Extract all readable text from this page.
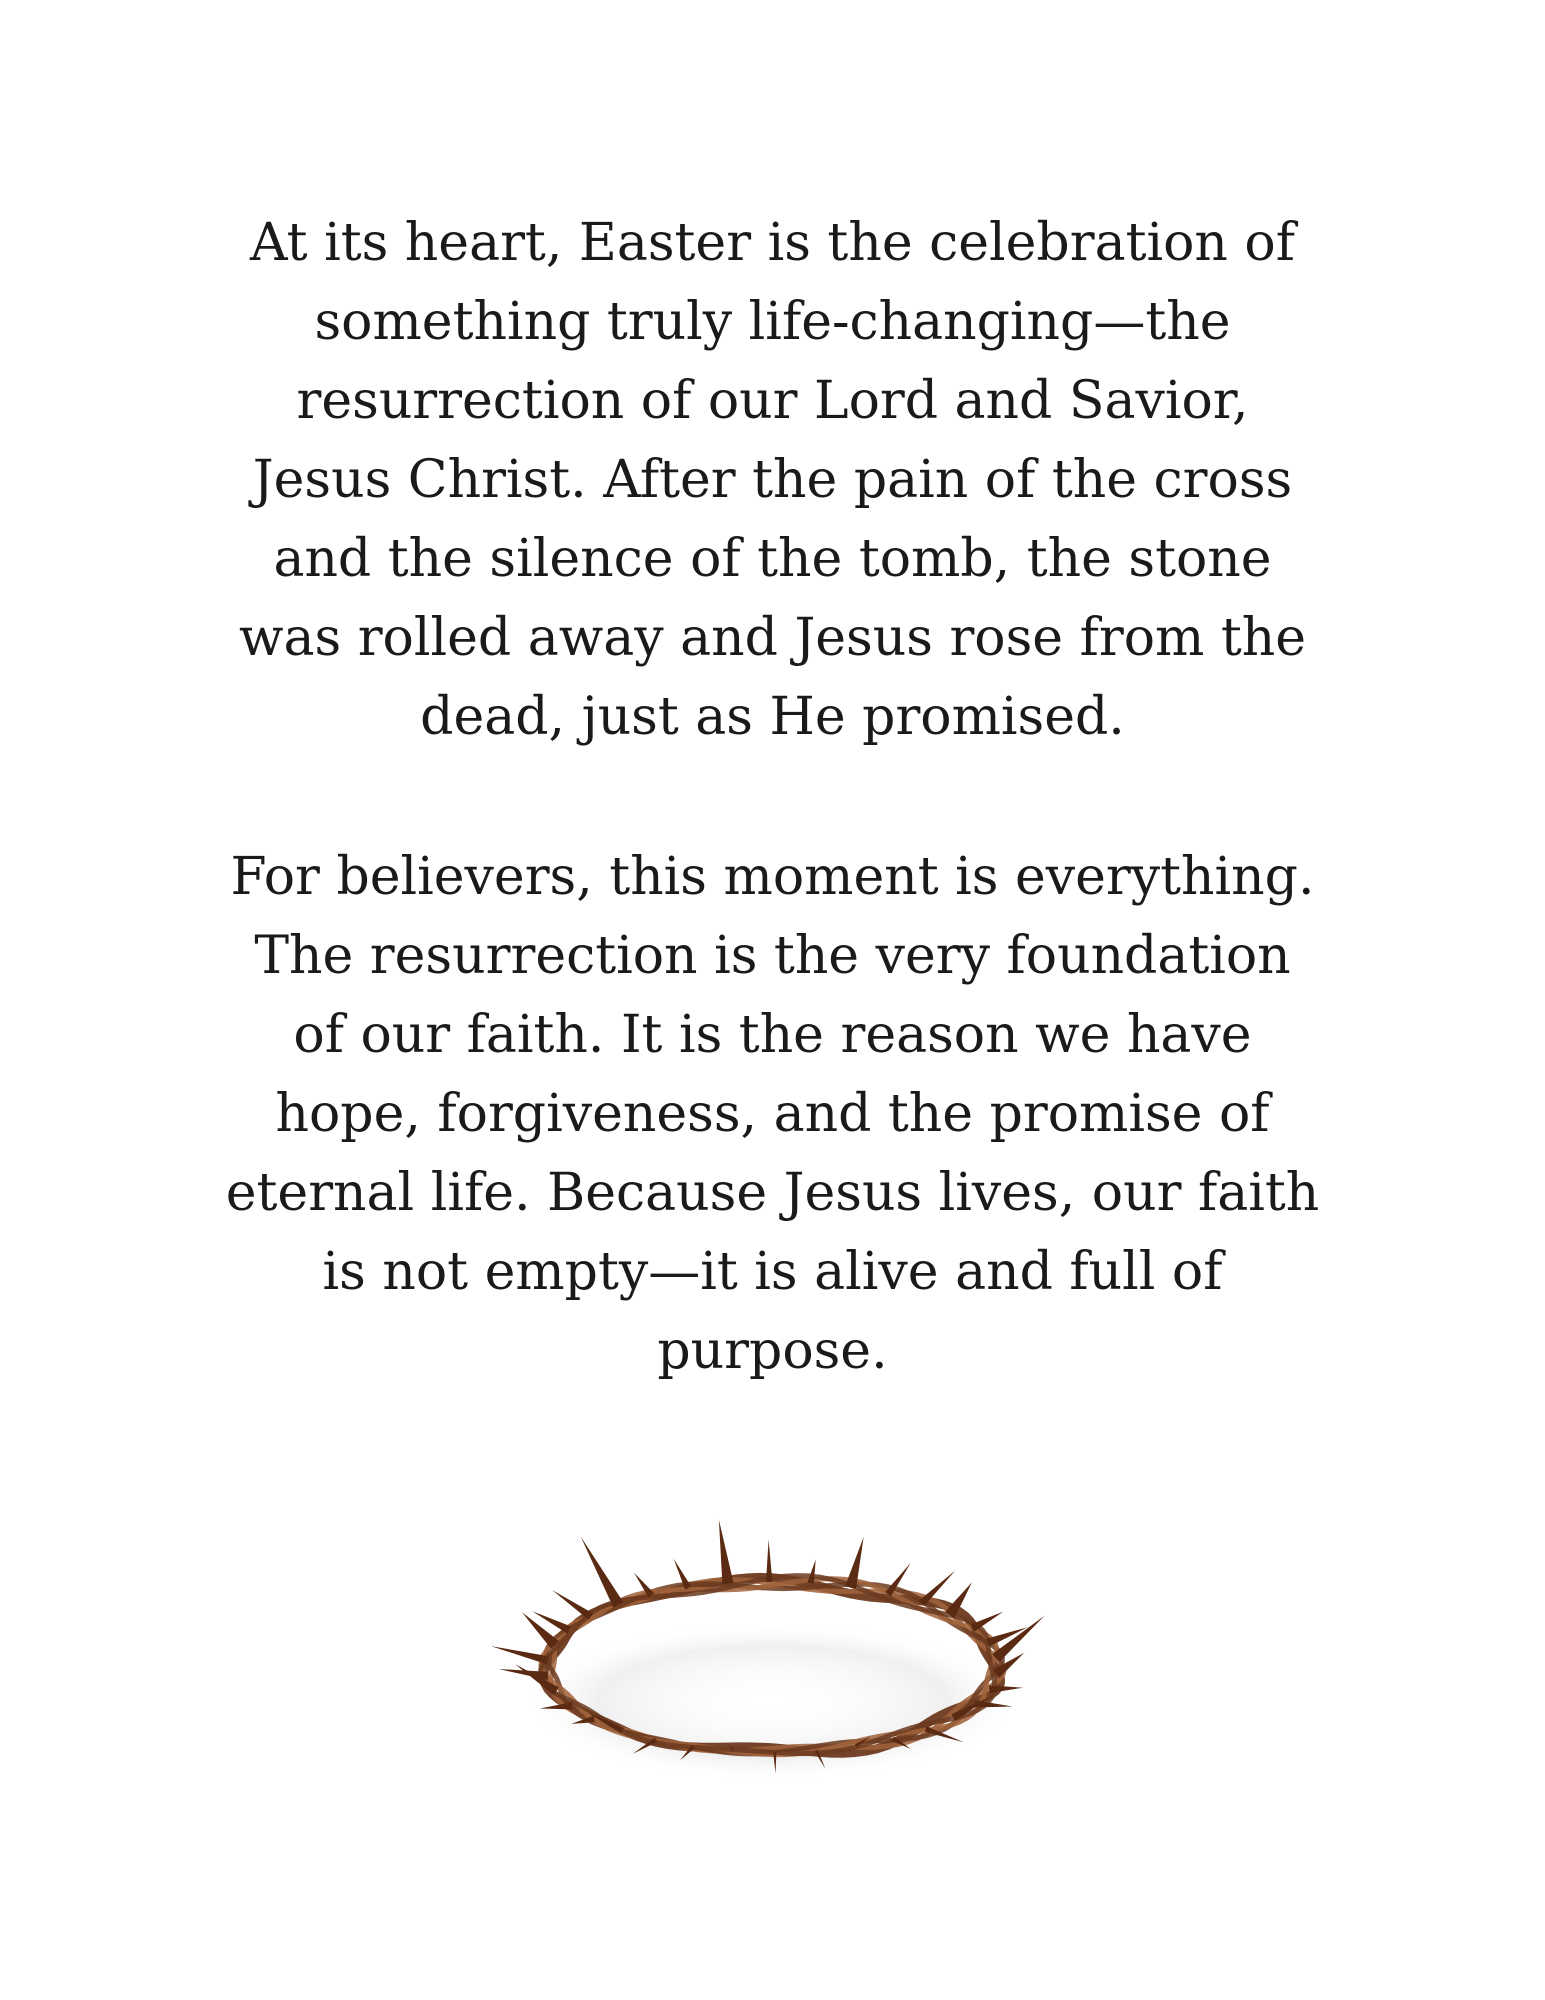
At its heart, Easter is the celebration of
something truly life-changing—the
resurrection of our Lord and Savior,
Jesus Christ. After the pain of the cross
and the silence of the tomb, the stone
was rolled away and Jesus rose from the
dead, just as He promised.

For believers, this moment is everything.
The resurrection is the very foundation
of our faith. It is the reason we have
hope, forgiveness, and the promise of
eternal life. Because Jesus lives, our faith
is not empty—it is alive and full of
purpose.
